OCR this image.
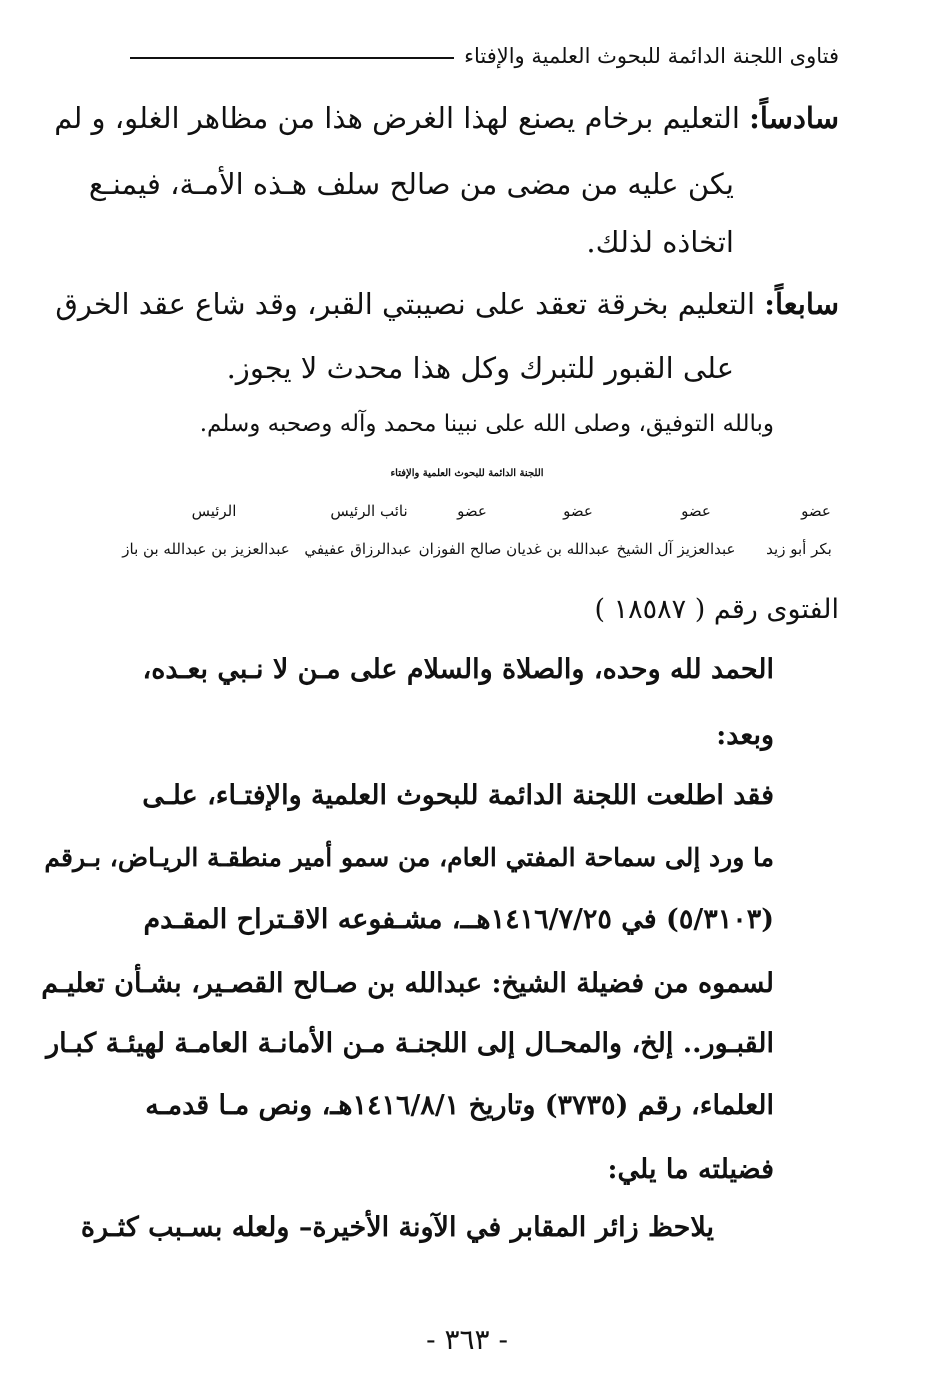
فتاوى اللجنة الدائمة للبحوث العلمية والإفتاء
سادساً: التعليم برخام يصنع لهذا الغرض هذا من مظاهر الغلو، و لم
يكن عليه من مضى من صالح سلف هـذه الأمـة، فيمنـع
اتخاذه لذلك.
سابعاً: التعليم بخرقة تعقد على نصيبتي القبر، وقد شاع عقد الخرق
على القبور للتبرك وكل هذا محدث لا يجوز.
وبالله التوفيق، وصلى الله على نبينا محمد وآله وصحبه وسلم.
اللجنة الدائمة للبحوث العلمية والإفتاء
عضو
عضو
عضو
عضو
نائب الرئيس
الرئيس
بكر أبو زيد
عبدالعزيز آل الشيخ
عبدالله بن غديان
صالح الفوزان
عبدالرزاق عفيفي
عبدالعزيز بن عبدالله بن باز
الفتوى رقم ( ١٨٥٨٧ )
الحمد لله وحده، والصلاة والسلام على مـن لا نـبي بعـده،
وبعد:
فقد اطلعت اللجنة الدائمة للبحوث العلمية والإفتـاء، علـى
ما ورد إلى سماحة المفتي العام، من سمو أمير منطقـة الريـاض، بـرقم
(٥/٣١٠٣) في ١٤١٦/٧/٢٥هــ، مشـفوعه الاقـتراح المقـدم
لسموه من فضيلة الشيخ: عبدالله بن صـالح القصـير، بشـأن تعليـم
القبـور.. إلخ، والمحـال إلى اللجنـة مـن الأمانـة العامـة لهيئـة كبـار
العلماء، رقم (٣٧٣٥) وتاريخ ١٤١٦/٨/١هـ، ونص مـا قدمـه
فضيلته ما يلي:
يلاحظ زائر المقابر في الآونة الأخيرة– ولعله بسـبب كثـرة
- ٣٦٣ -
